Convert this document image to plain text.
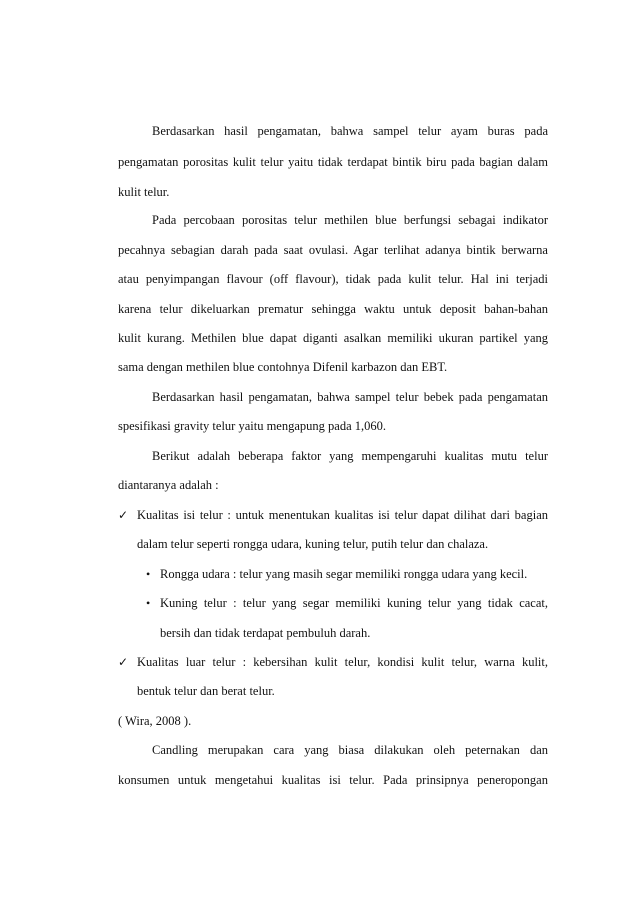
Berdasarkan hasil pengamatan, bahwa sampel telur ayam buras pada
pengamatan porositas kulit telur yaitu tidak terdapat bintik biru pada bagian dalam
kulit telur.
Pada percobaan porositas telur methilen blue berfungsi sebagai indikator
pecahnya sebagian darah pada saat ovulasi. Agar terlihat adanya bintik berwarna
atau penyimpangan flavour (off flavour), tidak pada kulit telur. Hal ini terjadi
karena telur dikeluarkan prematur sehingga waktu untuk deposit bahan-bahan
kulit kurang. Methilen blue dapat diganti asalkan memiliki ukuran partikel yang
sama dengan methilen blue contohnya Difenil karbazon dan EBT.
Berdasarkan hasil pengamatan, bahwa sampel telur bebek pada pengamatan
spesifikasi gravity telur yaitu mengapung pada 1,060.
Berikut adalah beberapa faktor yang mempengaruhi kualitas mutu telur
diantaranya adalah :
✓ Kualitas isi telur : untuk menentukan kualitas isi telur dapat dilihat dari bagian
dalam telur seperti rongga udara, kuning telur, putih telur dan chalaza.
• Rongga udara : telur yang masih segar memiliki rongga udara yang kecil.
• Kuning telur : telur yang segar memiliki kuning telur yang tidak cacat,
bersih dan tidak terdapat pembuluh darah.
✓ Kualitas luar telur : kebersihan kulit telur, kondisi kulit telur, warna kulit,
bentuk telur dan berat telur.
( Wira, 2008 ).
Candling merupakan cara yang biasa dilakukan oleh peternakan dan
konsumen untuk mengetahui kualitas isi telur. Pada prinsipnya peneropongan
